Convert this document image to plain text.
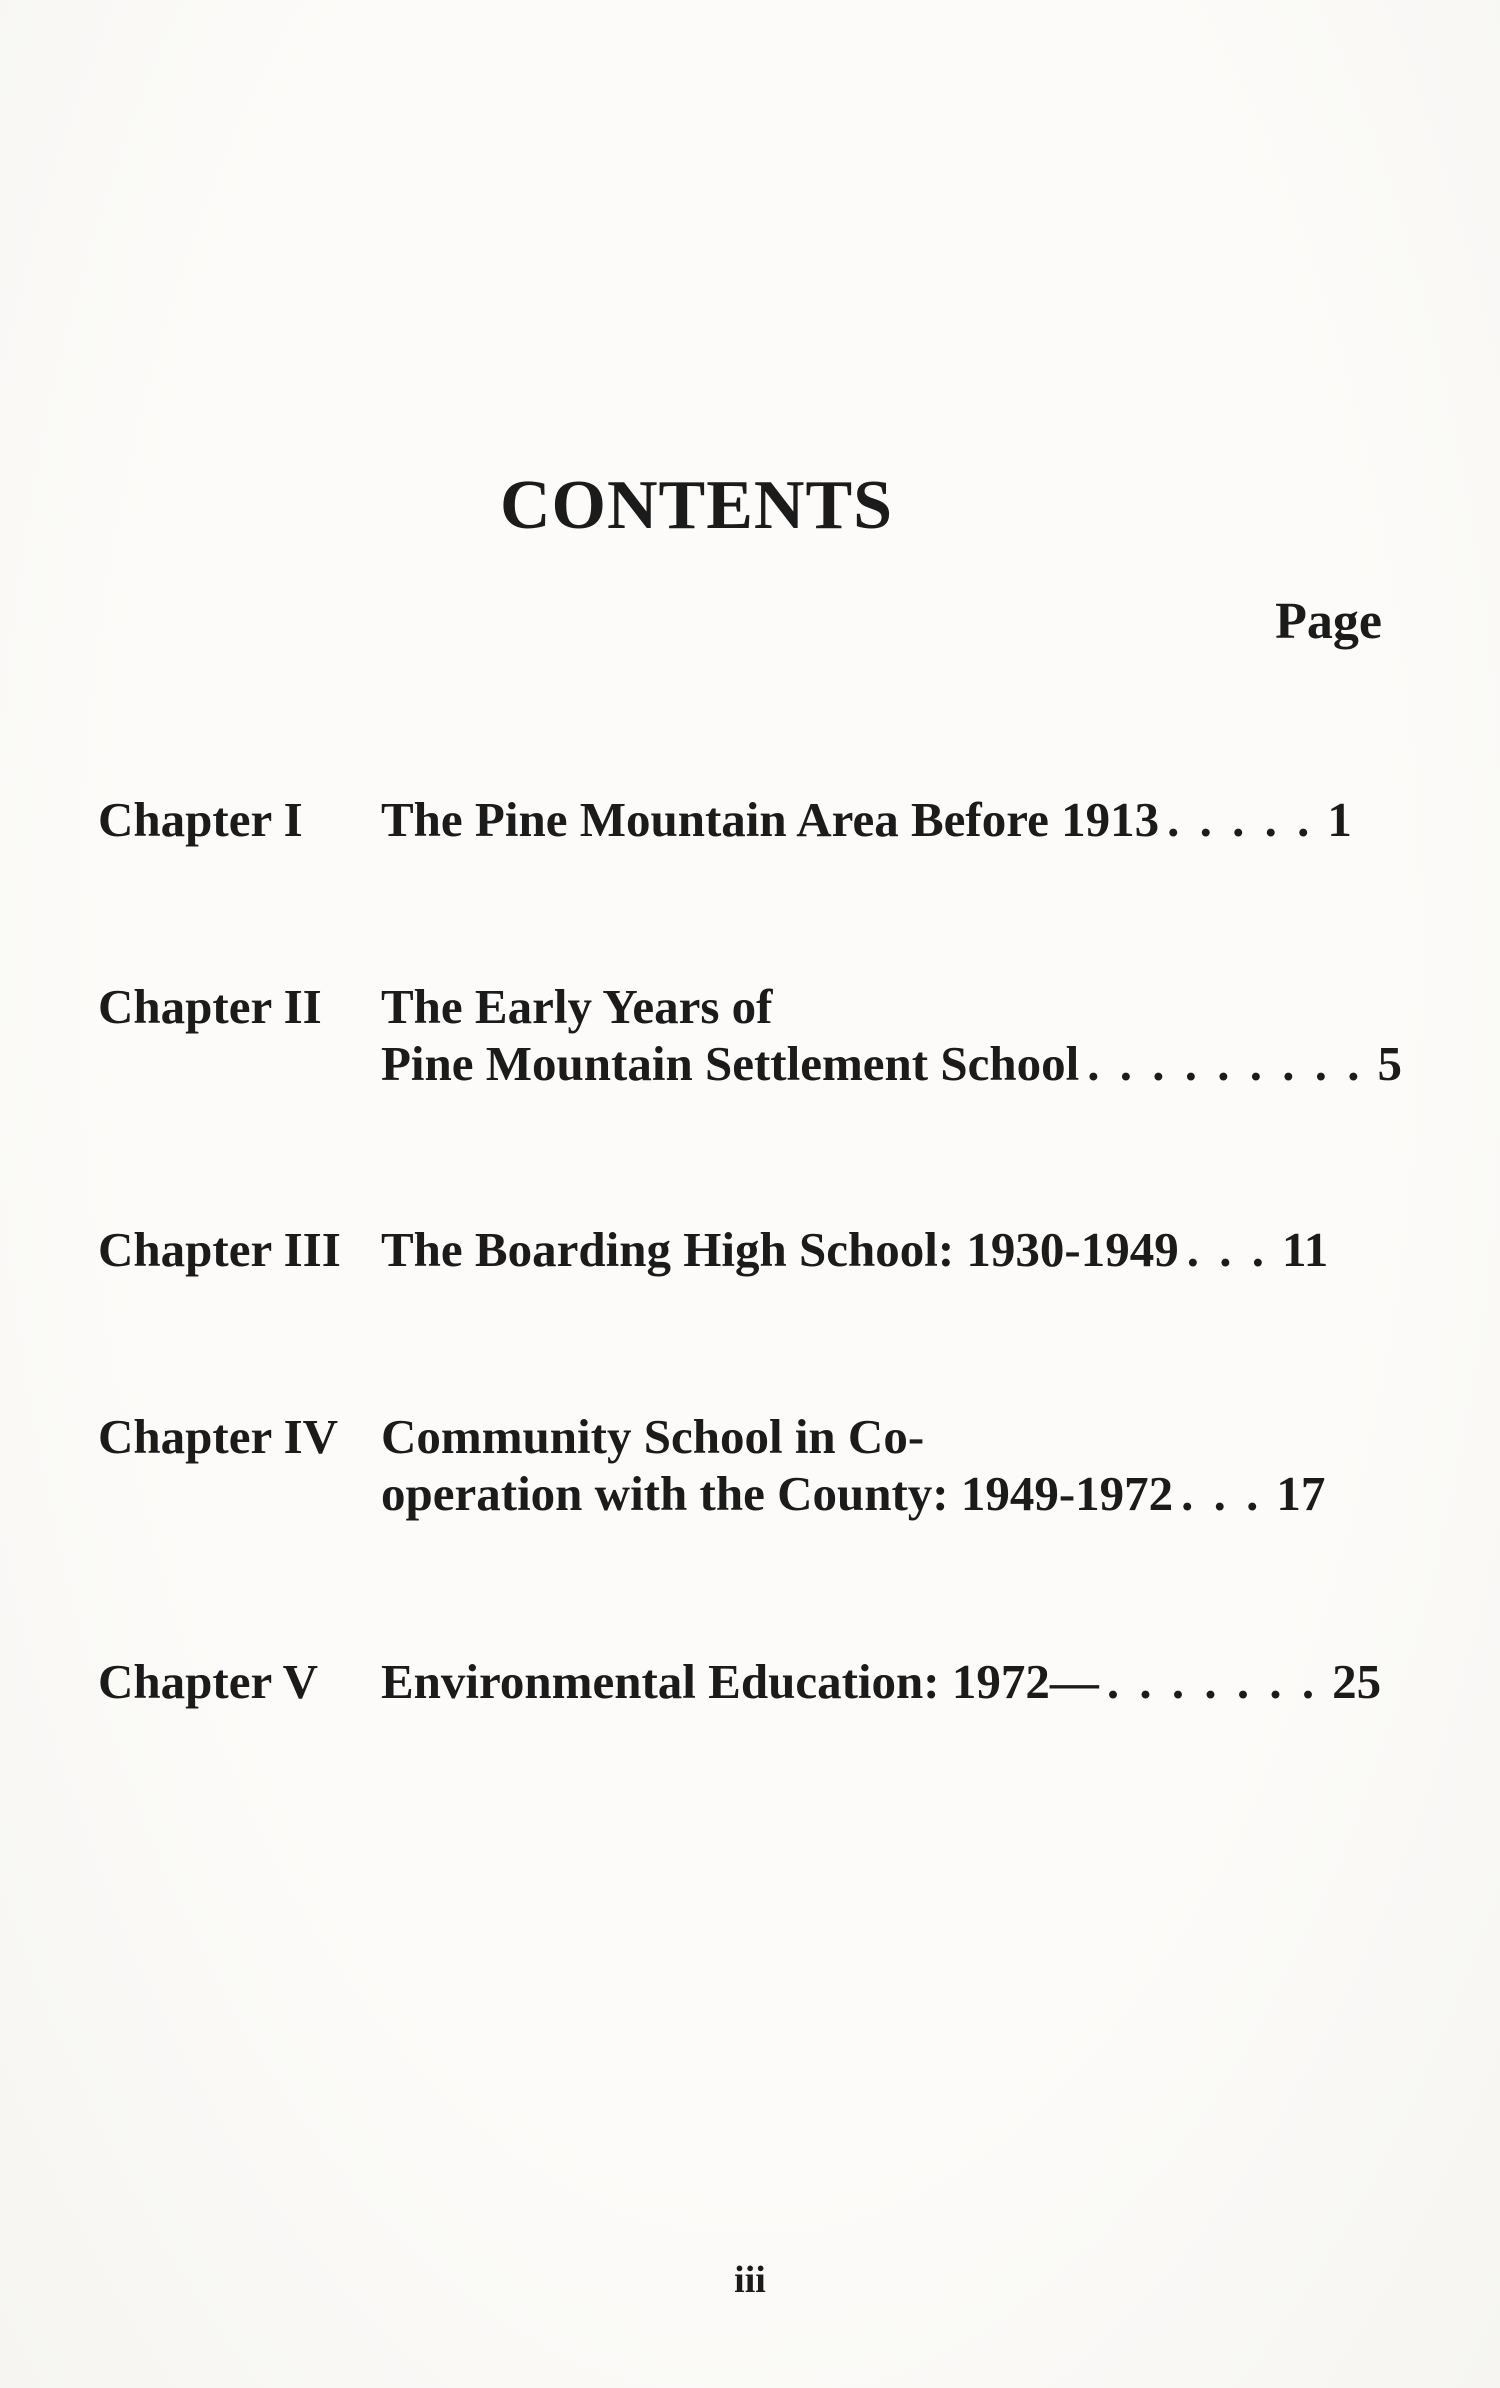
CONTENTS
Page
Chapter I	The Pine Mountain Area Before 1913 . . . . . 1
Chapter II	The Early Years of
Pine Mountain Settlement School . . . . . . . . . 5
Chapter III The Boarding High School: 1930-1949 . . . 11
Chapter IV Community School in Co-
operation with the County: 1949-1972 . . . 17
Chapter V	Environmental Education: 1972— . . . . . . . 25
iii
